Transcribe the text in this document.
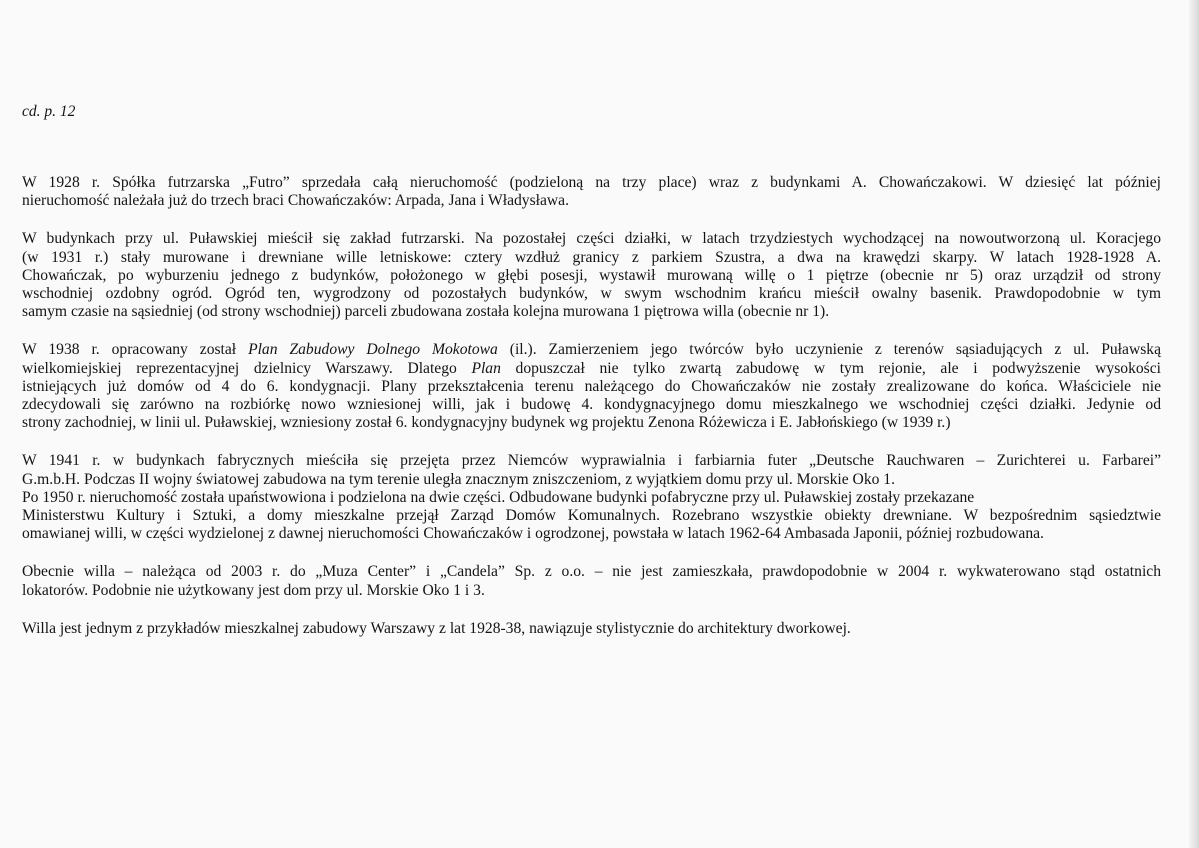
cd. p. 12
W 1928 r. Spółka futrzarska „Futro” sprzedała całą nieruchomość (podzieloną na trzy place) wraz z budynkami A. Chowańczakowi. W dziesięć lat później
nieruchomość należała już do trzech braci Chowańczaków: Arpada, Jana i Władysława.
W budynkach przy ul. Puławskiej mieścił się zakład futrzarski. Na pozostałej części działki, w latach trzydziestych wychodzącej na nowoutworzoną ul. Koracjego
(w 1931 r.) stały murowane i drewniane wille letniskowe: cztery wzdłuż granicy z parkiem Szustra, a dwa na krawędzi skarpy. W latach 1928-1928 A.
Chowańczak, po wyburzeniu jednego z budynków, położonego w głębi posesji, wystawił murowaną willę o 1 piętrze (obecnie nr 5) oraz urządził od strony
wschodniej ozdobny ogród. Ogród ten, wygrodzony od pozostałych budynków, w swym wschodnim krańcu mieścił owalny basenik. Prawdopodobnie w tym
samym czasie na sąsiedniej (od strony wschodniej) parceli zbudowana została kolejna murowana 1 piętrowa willa (obecnie nr 1).
W 1938 r. opracowany został Plan Zabudowy Dolnego Mokotowa (il.). Zamierzeniem jego twórców było uczynienie z terenów sąsiadujących z ul. Puławską
wielkomiejskiej reprezentacyjnej dzielnicy Warszawy. Dlatego Plan dopuszczał nie tylko zwartą zabudowę w tym rejonie, ale i podwyższenie wysokości
istniejących już domów od 4 do 6. kondygnacji. Plany przekształcenia terenu należącego do Chowańczaków nie zostały zrealizowane do końca. Właściciele nie
zdecydowali się zarówno na rozbiórkę nowo wzniesionej willi, jak i budowę 4. kondygnacyjnego domu mieszkalnego we wschodniej części działki. Jedynie od
strony zachodniej, w linii ul. Puławskiej, wzniesiony został 6. kondygnacyjny budynek wg projektu Zenona Różewicza i E. Jabłońskiego (w 1939 r.)
W 1941 r. w budynkach fabrycznych mieściła się przejęta przez Niemców wyprawialnia i farbiarnia futer „Deutsche Rauchwaren – Zurichterei u. Farbarei”
G.m.b.H. Podczas II wojny światowej zabudowa na tym terenie uległa znacznym zniszczeniom, z wyjątkiem domu przy ul. Morskie Oko 1.
Po 1950 r. nieruchomość została upaństwowiona i podzielona na dwie części. Odbudowane budynki pofabryczne przy ul. Puławskiej zostały przekazane
Ministerstwu Kultury i Sztuki, a domy mieszkalne przejął Zarząd Domów Komunalnych. Rozebrano wszystkie obiekty drewniane. W bezpośrednim sąsiedztwie
omawianej willi, w części wydzielonej z dawnej nieruchomości Chowańczaków i ogrodzonej, powstała w latach 1962-64 Ambasada Japonii, później rozbudowana.
Obecnie willa – należąca od 2003 r. do „Muza Center” i „Candela” Sp. z o.o. – nie jest zamieszkała, prawdopodobnie w 2004 r. wykwaterowano stąd ostatnich
lokatorów. Podobnie nie użytkowany jest dom przy ul. Morskie Oko 1 i 3.
Willa jest jednym z przykładów mieszkalnej zabudowy Warszawy z lat 1928-38, nawiązuje stylistycznie do architektury dworkowej.
